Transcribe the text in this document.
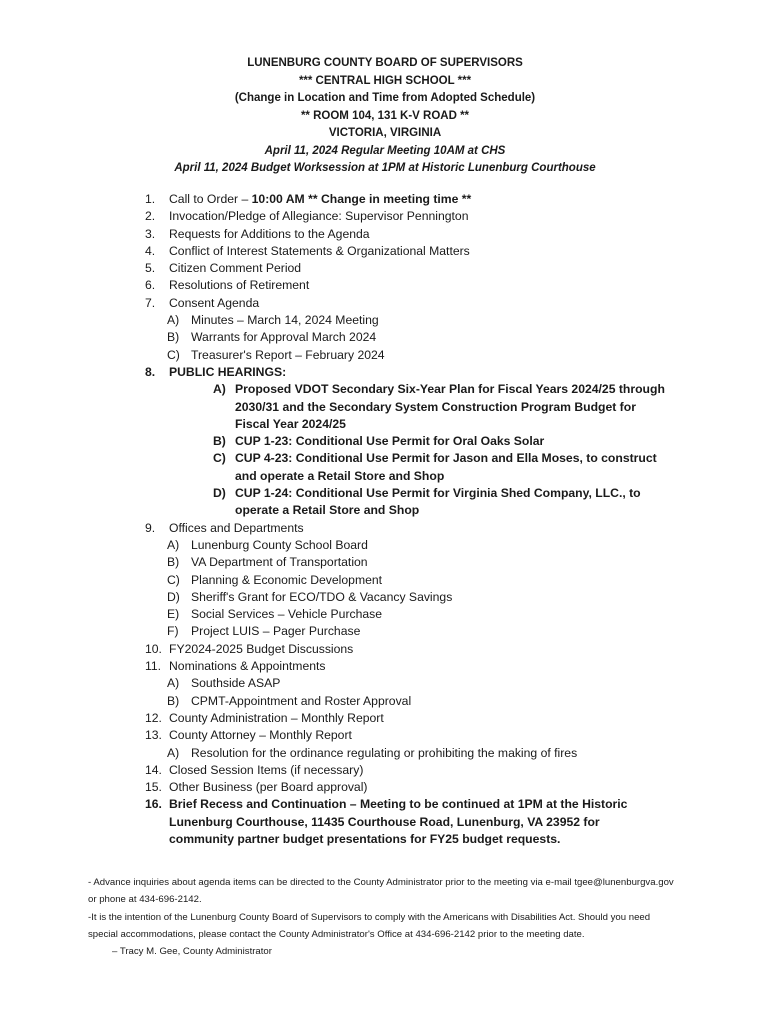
LUNENBURG COUNTY BOARD OF SUPERVISORS
*** CENTRAL HIGH SCHOOL ***
(Change in Location and Time from Adopted Schedule)
** ROOM 104, 131 K-V ROAD **
VICTORIA, VIRGINIA
April 11, 2024 Regular Meeting 10AM at CHS
April 11, 2024 Budget Worksession at 1PM at Historic Lunenburg Courthouse
1. Call to Order – 10:00 AM ** Change in meeting time **
2. Invocation/Pledge of Allegiance: Supervisor Pennington
3. Requests for Additions to the Agenda
4. Conflict of Interest Statements & Organizational Matters
5. Citizen Comment Period
6. Resolutions of Retirement
7. Consent Agenda
A) Minutes – March 14, 2024 Meeting
B) Warrants for Approval March 2024
C) Treasurer's Report – February 2024
8. PUBLIC HEARINGS:
A) Proposed VDOT Secondary Six-Year Plan for Fiscal Years 2024/25 through 2030/31 and the Secondary System Construction Program Budget for Fiscal Year 2024/25
B) CUP 1-23: Conditional Use Permit for Oral Oaks Solar
C) CUP 4-23: Conditional Use Permit for Jason and Ella Moses, to construct and operate a Retail Store and Shop
D) CUP 1-24: Conditional Use Permit for Virginia Shed Company, LLC., to operate a Retail Store and Shop
9. Offices and Departments
A) Lunenburg County School Board
B) VA Department of Transportation
C) Planning & Economic Development
D) Sheriff's Grant for ECO/TDO & Vacancy Savings
E) Social Services – Vehicle Purchase
F) Project LUIS – Pager Purchase
10. FY2024-2025 Budget Discussions
11. Nominations & Appointments
A) Southside ASAP
B) CPMT-Appointment and Roster Approval
12. County Administration – Monthly Report
13. County Attorney – Monthly Report
A) Resolution for the ordinance regulating or prohibiting the making of fires
14. Closed Session Items (if necessary)
15. Other Business (per Board approval)
16. Brief Recess and Continuation – Meeting to be continued at 1PM at the Historic Lunenburg Courthouse, 11435 Courthouse Road, Lunenburg, VA 23952 for community partner budget presentations for FY25 budget requests.
- Advance inquiries about agenda items can be directed to the County Administrator prior to the meeting via e-mail tgee@lunenburgva.gov or phone at 434-696-2142.
-It is the intention of the Lunenburg County Board of Supervisors to comply with the Americans with Disabilities Act. Should you need special accommodations, please contact the County Administrator's Office at 434-696-2142 prior to the meeting date.
– Tracy M. Gee, County Administrator
